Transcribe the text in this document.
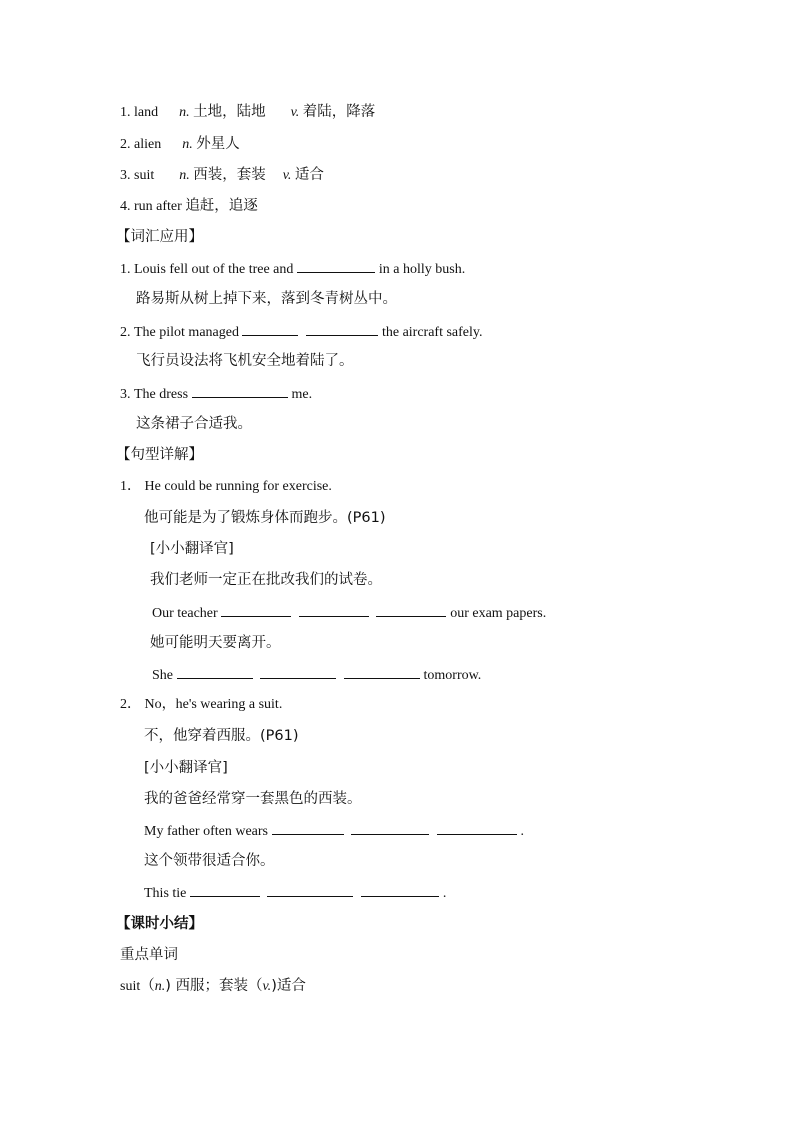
1. land n. 土地，陆地 v. 着陆，降落
2. alien n. 外星人
3. suit n. 西装，套装 v. 适合
4. run after 追赶，追逐
【词汇应用】
1. Louis fell out of the tree and	in a holly bush.
路易斯从树上掉下来，落到冬青树丛中。
2. The pilot managed	the aircraft safely.
飞行员设法将飞机安全地着陆了。
3. The dress	me.
这条裙子合适我。
【句型详解】
1． He could be running for exercise.
他可能是为了锻炼身体而跑步。(P61)
[小小翻译官]
我们老师一定正在批改我们的试卷。
Our teacher	our exam papers.
她可能明天要离开。
She	tomorrow.
2． No，he's wearing a suit.
不，他穿着西服。(P61)
[小小翻译官]
我的爸爸经常穿一套黑色的西装。
My father often wears	.
这个领带很适合你。
This tie	.
【课时小结】
重点单词
suit（n.) 西服；套装（v.)适合
